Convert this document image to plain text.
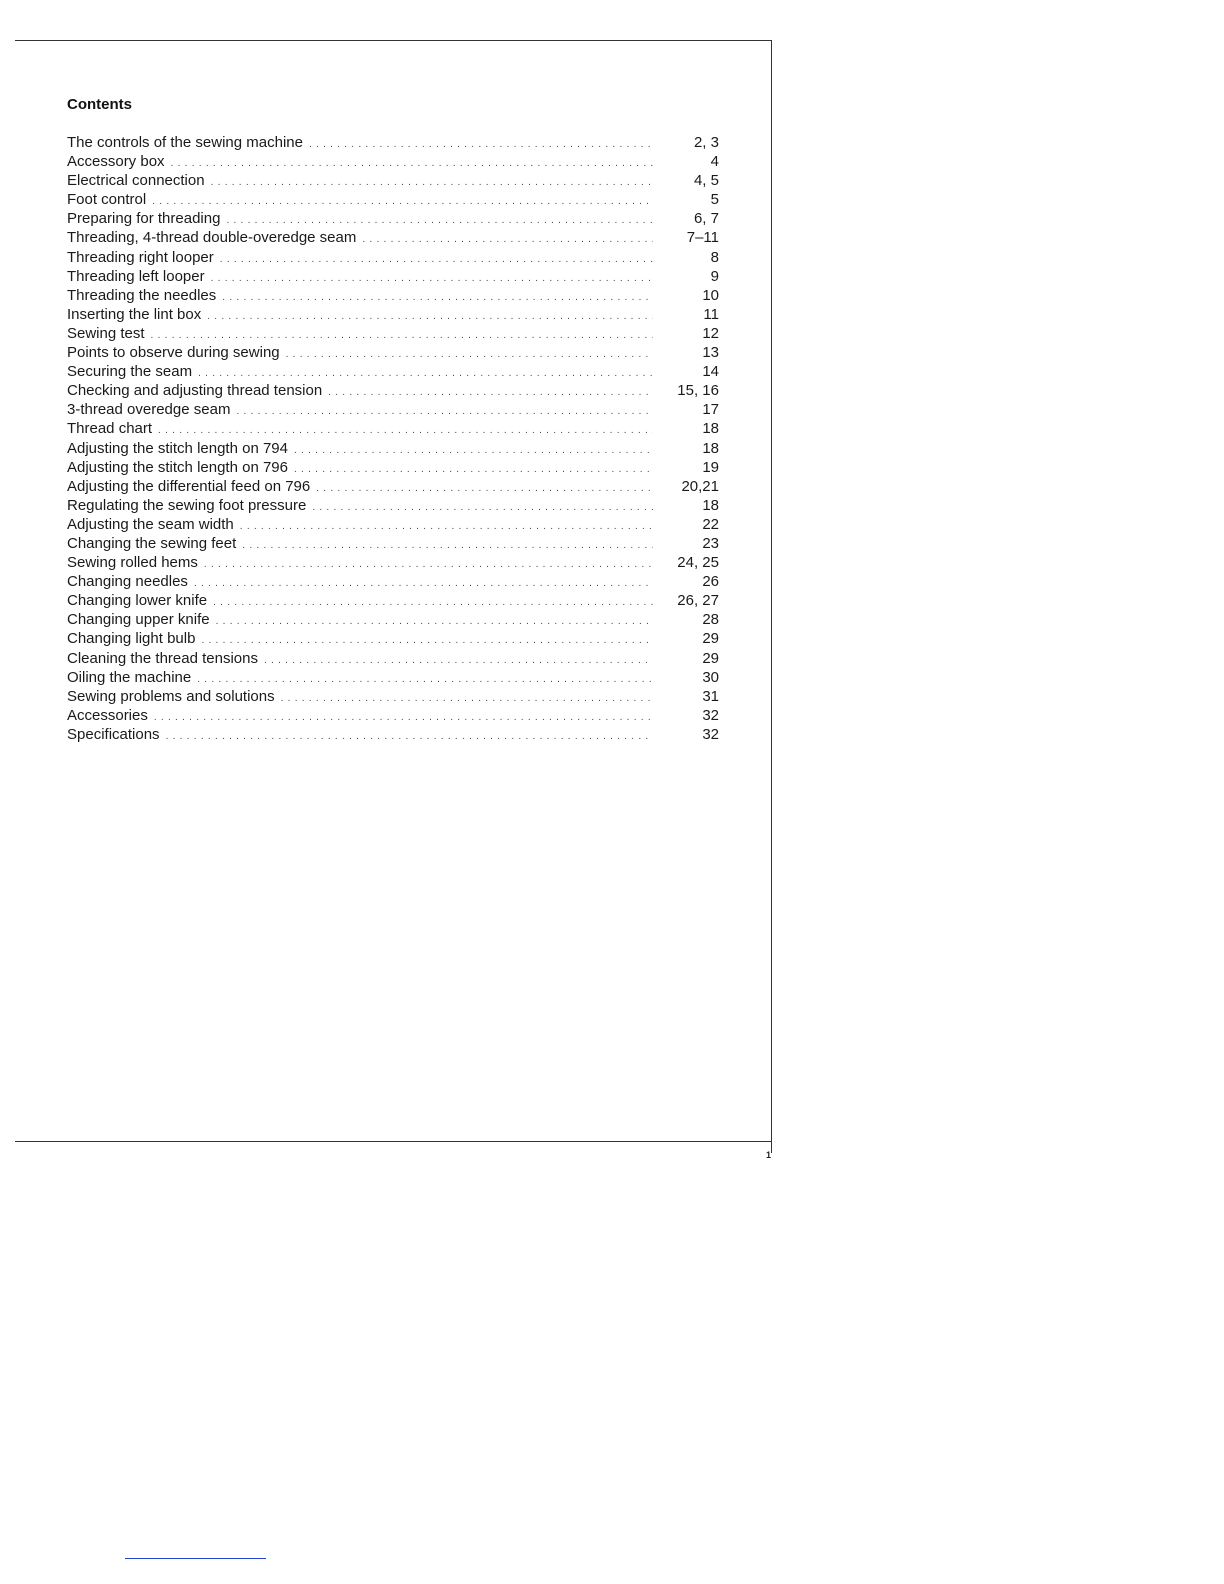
Contents
The controls of the sewing machine . . .	2, 3
Accessory box . . .	4
Electrical connection . . .	4, 5
Foot control . . .	5
Preparing for threading . . .	6, 7
Threading, 4-thread double-overedge seam . . .	7–11
Threading right looper . . .	8
Threading left looper . . .	9
Threading the needles . . .	10
Inserting the lint box . . .	11
Sewing test . . .	12
Points to observe during sewing . . .	13
Securing the seam . . .	14
Checking and adjusting thread tension . . .	15, 16
3-thread overedge seam . . .	17
Thread chart . . .	18
Adjusting the stitch length on 794 . . .	18
Adjusting the stitch length on 796 . . .	19
Adjusting the differential feed on 796 . . .	20,21
Regulating the sewing foot pressure . . .	18
Adjusting the seam width . . .	22
Changing the sewing feet . . .	23
Sewing rolled hems . . .	24, 25
Changing needles . . .	26
Changing lower knife . . .	26, 27
Changing upper knife . . .	28
Changing light bulb . . .	29
Cleaning the thread tensions . . .	29
Oiling the machine . . .	30
Sewing problems and solutions . . .	31
Accessories . . .	32
Specifications . . .	32
1
